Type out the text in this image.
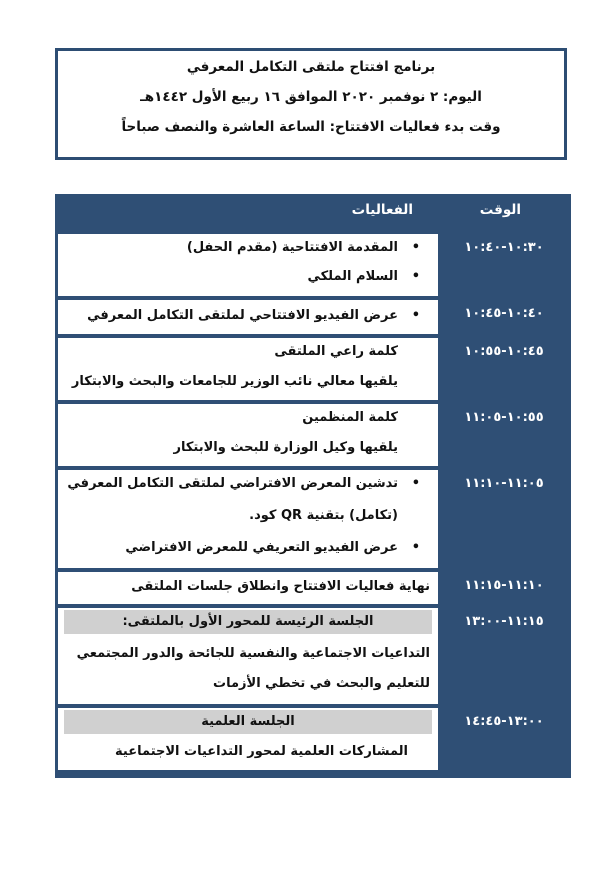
برنامج افتتاح ملتقى التكامل المعرفي
اليوم: ٢ نوفمبر ٢٠٢٠ الموافق ١٦ ربيع الأول ١٤٤٢هـ
وقت بدء فعاليات الافتتاح: الساعة العاشرة والنصف صباحاً
الوقت
الفعاليات
١٠:٣٠-١٠:٤٠
• المقدمة الافتتاحية (مقدم الحفل)
• السلام الملكي
١٠:٤٠-١٠:٤٥
• عرض الفيديو الافتتاحي لملتقى التكامل المعرفي
١٠:٤٥-١٠:٥٥
كلمة راعي الملتقى
يلقيها معالي نائب الوزير للجامعات والبحث والابتكار
١٠:٥٥-١١:٠٥
كلمة المنظمين
يلقيها وكيل الوزارة للبحث والابتكار
١١:٠٥-١١:١٠
• تدشين المعرض الافتراضي لملتقى التكامل المعرفي
(تكامل) بتقنية QR كود.
• عرض الفيديو التعريفي للمعرض الافتراضي
١١:١٠-١١:١٥
نهاية فعاليات الافتتاح وانطلاق جلسات الملتقى
١١:١٥-١٣:٠٠
الجلسة الرئيسة للمحور الأول بالملتقى:
التداعيات الاجتماعية والنفسية للجائحة والدور المجتمعي
للتعليم والبحث في تخطي الأزمات
١٣:٠٠-١٤:٤٥
الجلسة العلمية
المشاركات العلمية لمحور التداعيات الاجتماعية
